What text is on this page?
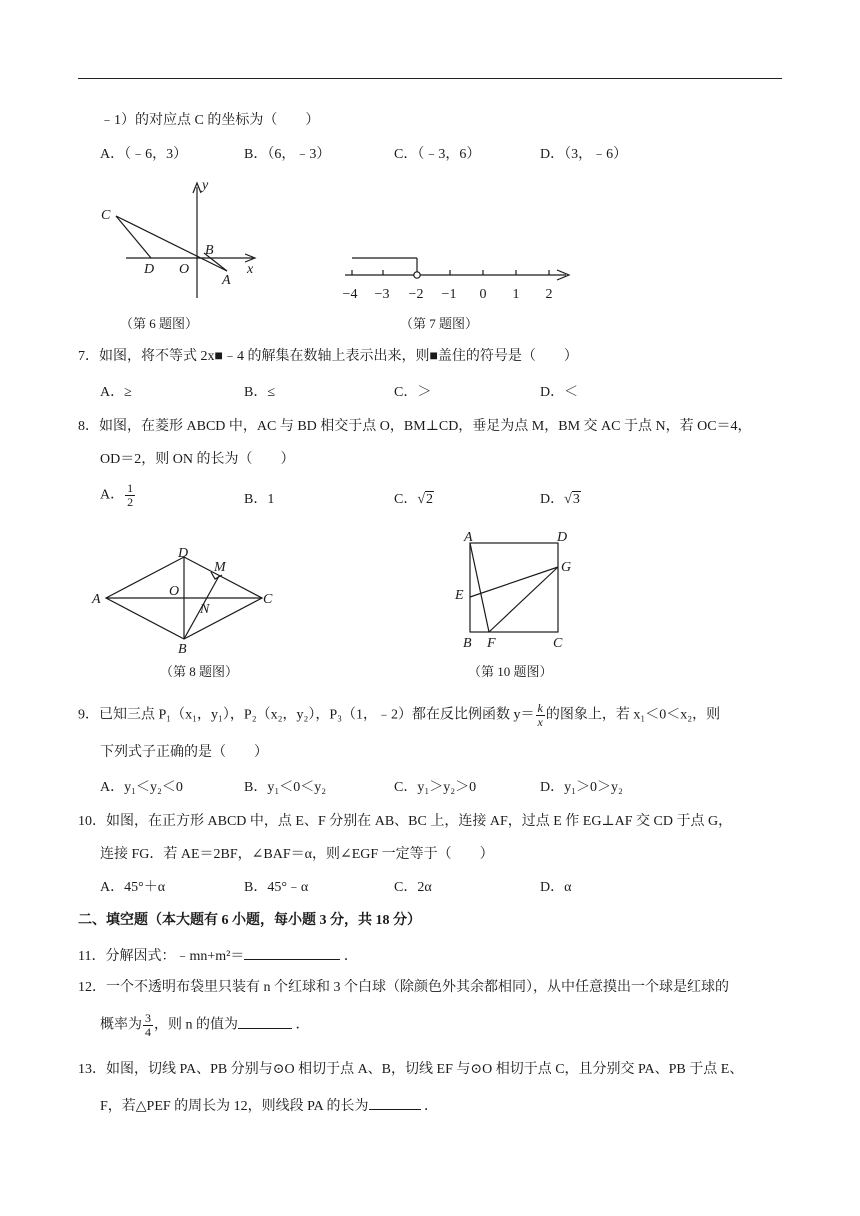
﹣1）的对应点 C 的坐标为（　　）
A．（﹣6，3）	B．（6，﹣3）	C．（﹣3，6）	D．（3，﹣6）
y
x
C
D O
B
A
−4 −3 −2 −1 0 1 2
（第 6 题图）	（第 7 题图）
7．如图，将不等式 2x■﹣4 的解集在数轴上表示出来，则■盖住的符号是（　　）
A．≥	B．≤	C．＞	D．＜
8．如图，在菱形 ABCD 中，AC 与 BD 相交于点 O，BM⊥CD，垂足为点 M，BM 交 AC 于点 N，若 OC＝4，
OD＝2，则 ON 的长为（　　）
A． $\frac{1}{2}$	B．1	C．√2	D．√3
A
D
C
B
O
M
N
A	D
G
E
B F	C
（第 8 题图）	（第 10 题图）
9．已知三点 P₁（x₁，y₁），P₂（x₂，y₂），P₃（1，﹣2）都在反比例函数 $y= \frac{k}{x}$ 的图象上，若 x₁＜0＜x₂，则
下列式子正确的是（　　）
A．y₁＜y₂＜0	B．y₁＜0＜y₂	C．y₁＞y₂＞0	D．y₁＞0＞y₂
10．如图，在正方形 ABCD 中，点 E、F 分别在 AB、BC 上，连接 AF，过点 E 作 EG⊥AF 交 CD 于点 G，
连接 FG．若 AE＝2BF，∠BAF＝α，则∠EGF 一定等于（　　）
A．45°＋α	B．45°﹣α	C．2α	D．α
二、填空题（本大题有 6 小题，每小题 3 分，共 18 分）
11．分解因式：﹣mn+m²＝	．
12．一个不透明布袋里只装有 n 个红球和 3 个白球（除颜色外其余都相同），从中任意摸出一个球是红球的
概率为 $\frac{3}{4}$ ，则 n 的值为	．
13．如图，切线 PA、PB 分别与⊙O 相切于点 A、B，切线 EF 与⊙O 相切于点 C，且分别交 PA、PB 于点 E、
F，若△PEF 的周长为 12，则线段 PA 的长为	．
